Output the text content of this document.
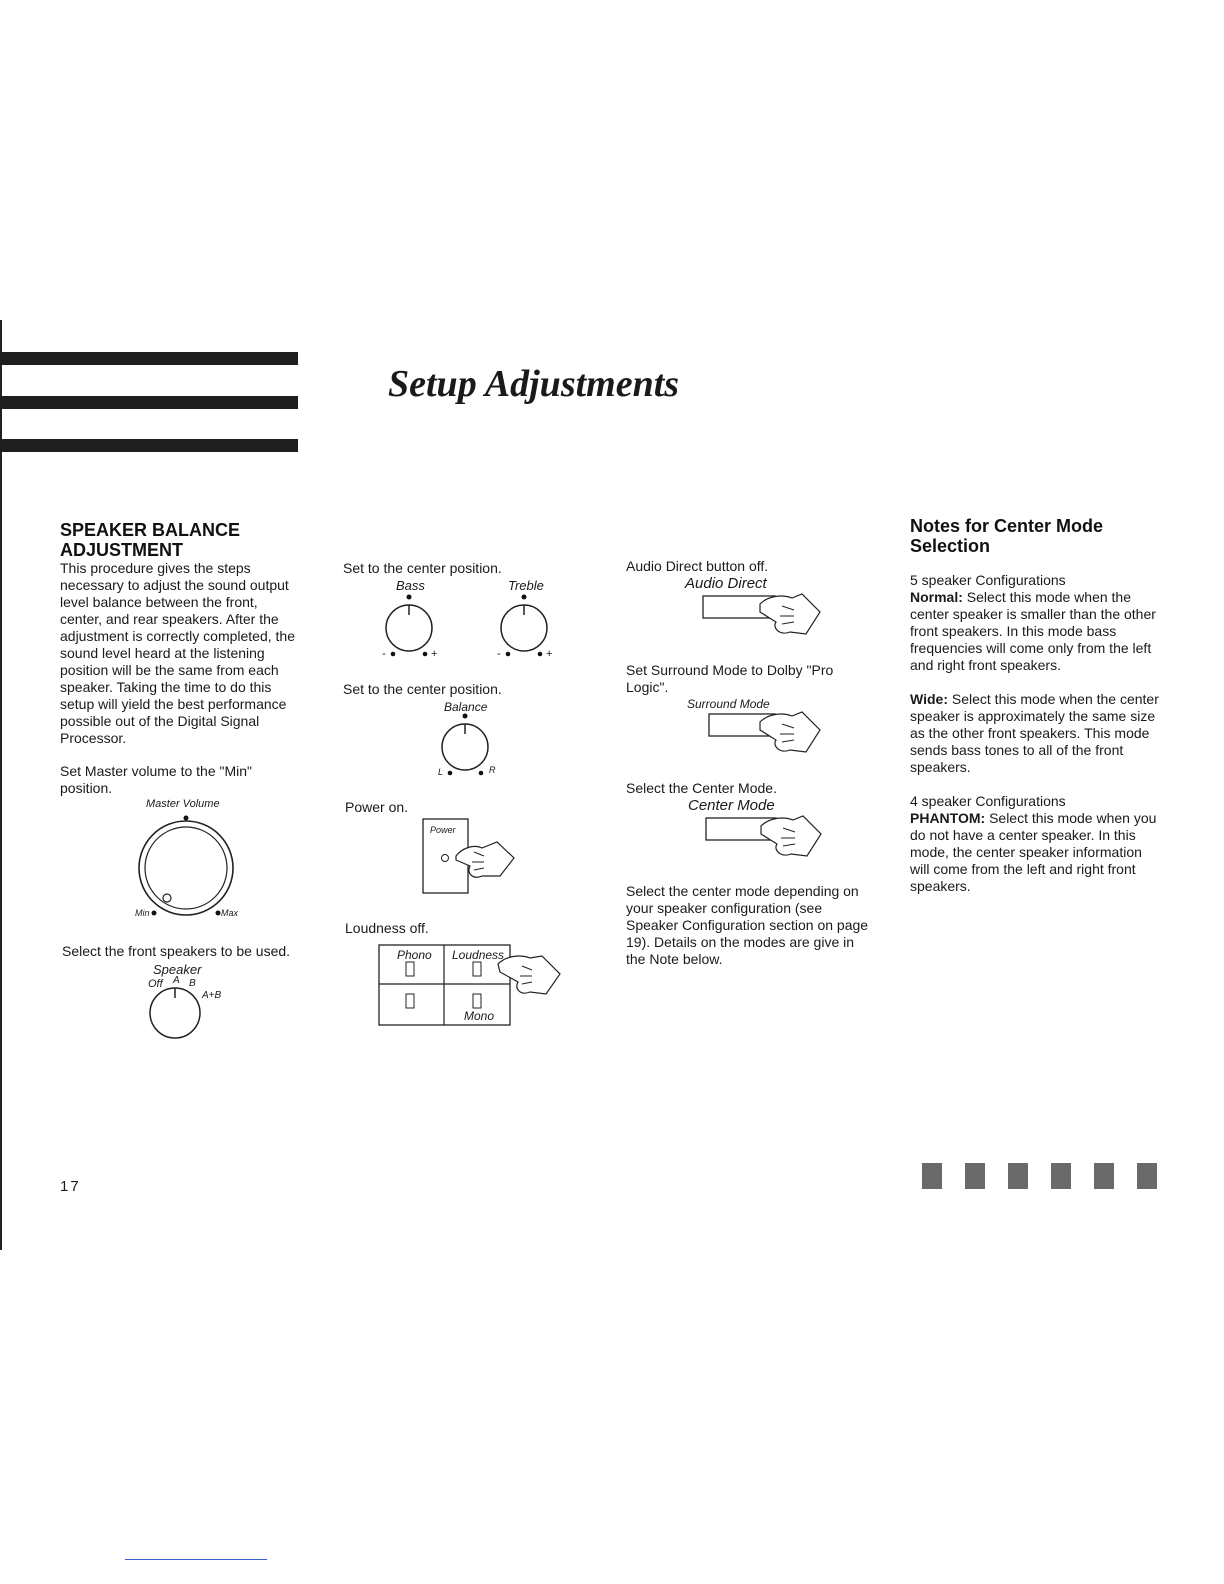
Setup Adjustments
SPEAKER BALANCE
ADJUSTMENT
This procedure gives the steps necessary to adjust the sound output level balance between the front, center, and rear speakers. After the adjustment is correctly completed, the sound level heard at the listening position will be the same from each speaker. Taking the time to do this setup will yield the best performance possible out of the Digital Signal Processor.
Set Master volume to the "Min" position.
Master Volume
Min	Max
Select the front speakers to be used.
Speaker
Off A B
A+B
17
Set to the center position.
Bass	Treble
-	+	-	+
Set to the center position.
Balance
L	R
Power on.
Power
Loudness off.
Phono Loudness
Mono
Audio Direct button off.
Audio Direct
Set Surround Mode to Dolby "Pro Logic".
Surround Mode
Select the Center Mode.
Center Mode
Select the center mode depending on your speaker configuration (see Speaker Configuration section on page 19). Details on the modes are give in the Note below.
Notes for Center Mode
Selection

5 speaker Configurations

Normal: Select this mode when the center speaker is smaller than the other front speakers. In this mode bass frequencies will come only from the left and right front speakers.

Wide: Select this mode when the center speaker is approximately the same size as the other front speakers. This mode sends bass tones to all of the front speakers.

4 speaker Configurations

PHANTOM: Select this mode when you do not have a center speaker. In this mode, the center speaker information will come from the left and right front speakers.
